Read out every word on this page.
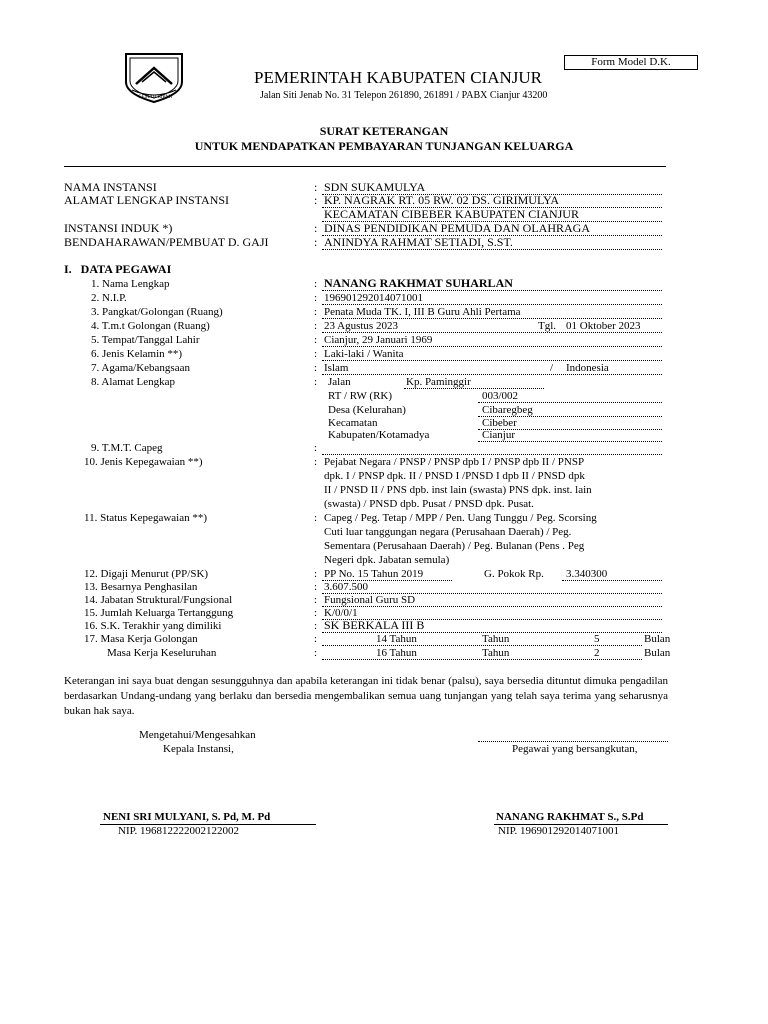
Form Model D.K.
GEMAH RIPAH
PEMERINTAH KABUPATEN CIANJUR
Jalan Siti Jenab No. 31 Telepon 261890, 261891 / PABX Cianjur 43200
SURAT KETERANGAN
UNTUK MENDAPATKAN PEMBAYARAN TUNJANGAN KELUARGA
NAMA INSTANSI	: SDN SUKAMULYA
ALAMAT LENGKAP INSTANSI	: KP. NAGRAK RT. 05 RW. 02 DS. GIRIMULYA
KECAMATAN CIBEBER KABUPATEN CIANJUR
INSTANSI INDUK *)	: DINAS PENDIDIKAN PEMUDA DAN OLAHRAGA
BENDAHARAWAN/PEMBUAT D. GAJI	: ANINDYA RAHMAT SETIADI, S.ST.
I.   DATA PEGAWAI
1. Nama Lengkap	: NANANG RAKHMAT SUHARLAN
2. N.I.P.	: 196901292014071001
3. Pangkat/Golongan (Ruang)	: Penata Muda TK. I, III B Guru Ahli Pertama
4. T.m.t Golongan (Ruang)	: 23 Agustus 2023	Tgl. 01 Oktober 2023
5. Tempat/Tanggal Lahir	: Cianjur, 29 Januari 1969
6. Jenis Kelamin **)	: Laki-laki / Wanita
7. Agama/Kebangsaan	: Islam	/ Indonesia
8. Alamat Lengkap	: Jalan	Kp. Paminggir
RT / RW (RK)	003/002
Desa (Kelurahan)	Cibaregbeg
Kecamatan	Cibeber
Kabupaten/Kotamadya	Cianjur
9. T.M.T. Capeg	:
10. Jenis Kepegawaian **)	: Pejabat Negara / PNSP / PNSP dpb I / PNSP dpb II / PNSP
dpk. I / PNSP dpk. II / PNSD I /PNSD I dpb II / PNSD dpk
II / PNSD II / PNS dpb. inst lain (swasta) PNS dpk. inst. lain
(swasta) / PNSD dpb. Pusat / PNSD dpk. Pusat.
11. Status Kepegawaian **)	: Capeg / Peg. Tetap / MPP / Pen. Uang Tunggu / Peg. Scorsing
Cuti luar tanggungan negara (Perusahaan Daerah) / Peg.
Sementara (Perusahaan Daerah) / Peg. Bulanan (Pens . Peg
Negeri dpk. Jabatan semula)
12. Digaji Menurut (PP/SK)	: PP No. 15 Tahun 2019	G. Pokok Rp. 3.340300
13. Besarnya Penghasilan	: 3.607.500
14. Jabatan Struktural/Fungsional	: Fungsional Guru SD
15. Jumlah Keluarga Tertanggung	: K/0/0/1
16. S.K. Terakhir yang dimiliki	: SK BERKALA III B
17. Masa Kerja Golongan	:	14 Tahun	Tahun	5	Bulan
Masa Kerja Keseluruhan	:	16 Tahun	Tahun	2	Bulan
Keterangan ini saya buat dengan sesungguhnya dan apabila keterangan ini tidak benar (palsu), saya bersedia dituntut dimuka pengadilan berdasarkan Undang-undang yang berlaku dan bersedia mengembalikan semua uang tunjangan yang telah saya terima yang seharusnya bukan hak saya.
Mengetahui/Mengesahkan
Kepala Instansi,	Pegawai yang bersangkutan,
NENI SRI MULYANI, S. Pd, M. Pd
NIP. 196812222002122002
NANANG RAKHMAT S., S.Pd
NIP. 196901292014071001
